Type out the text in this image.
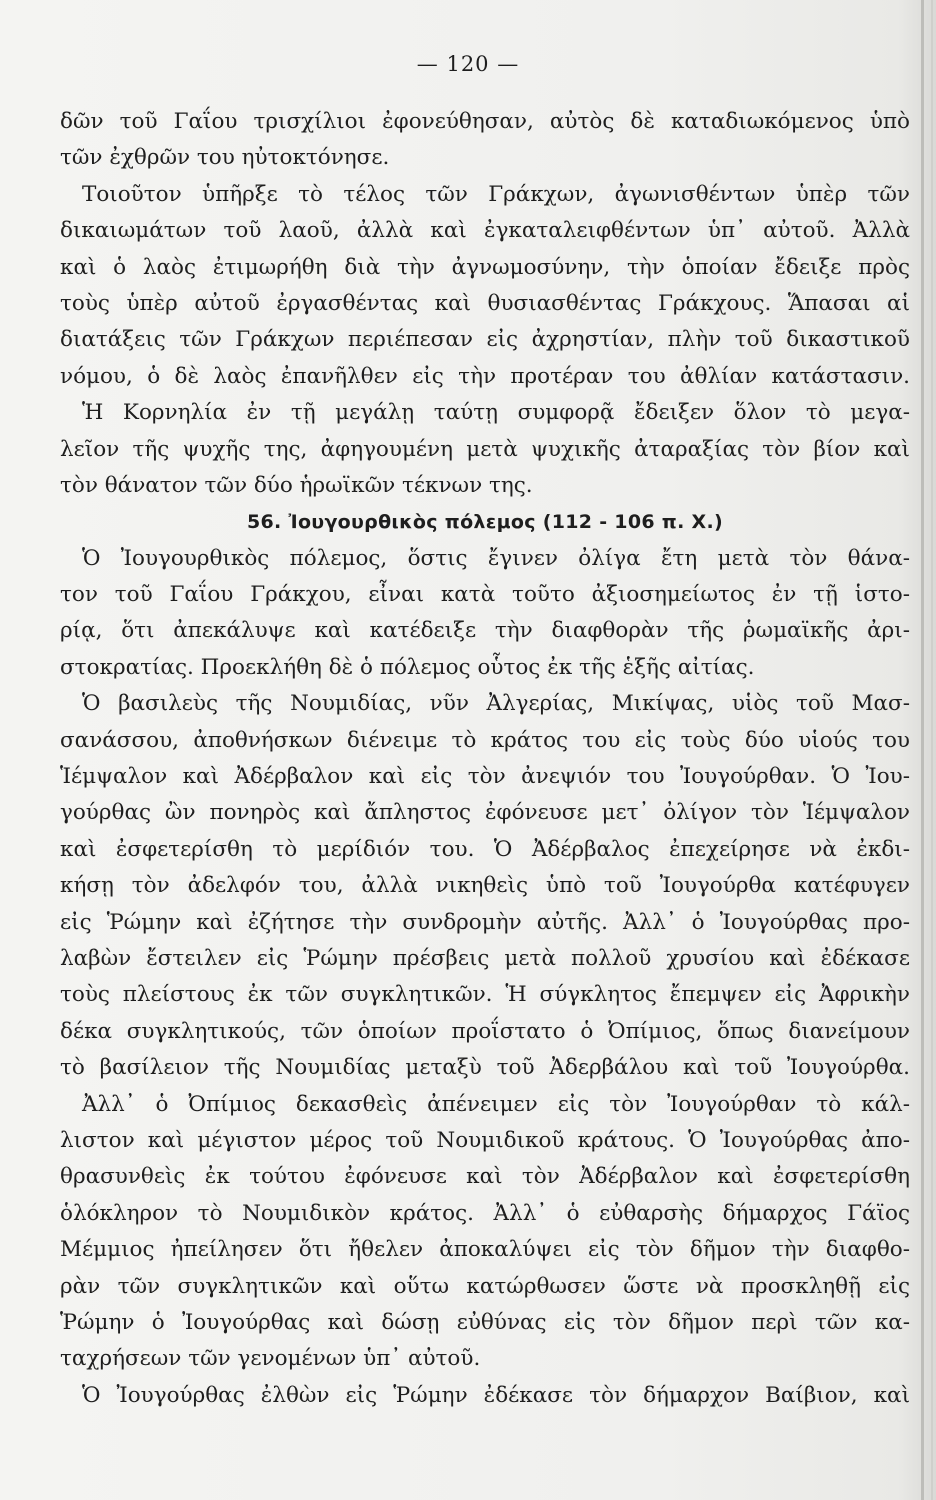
— 120 —
δῶν τοῦ Γαΐου τρισχίλιοι ἐφονεύθησαν, αὐτὸς δὲ καταδιωκόμενος ὑπὸ
τῶν ἐχθρῶν του ηὐτοκτόνησε.
Τοιοῦτον ὑπῆρξε τὸ τέλος τῶν Γράκχων, ἀγωνισθέντων ὑπὲρ τῶν
δικαιωμάτων τοῦ λαοῦ, ἀλλὰ καὶ ἐγκαταλειφθέντων ὑπ᾿ αὐτοῦ. Ἀλλὰ
καὶ ὁ λαὸς ἐτιμωρήθη διὰ τὴν ἀγνωμοσύνην, τὴν ὁποίαν ἔδειξε πρὸς
τοὺς ὑπὲρ αὐτοῦ ἐργασθέντας καὶ θυσιασθέντας Γράκχους. Ἅπασαι αἱ
διατάξεις τῶν Γράκχων περιέπεσαν εἰς ἀχρηστίαν, πλὴν τοῦ δικαστικοῦ
νόμου, ὁ δὲ λαὸς ἐπανῆλθεν εἰς τὴν προτέραν του ἀθλίαν κατάστασιν.
Ἡ Κορνηλία ἐν τῇ μεγάλῃ ταύτῃ συμφορᾷ ἔδειξεν ὅλον τὸ μεγα-
λεῖον τῆς ψυχῆς της, ἀφηγουμένη μετὰ ψυχικῆς ἀταραξίας τὸν βίον καὶ
τὸν θάνατον τῶν δύο ἡρωϊκῶν τέκνων της.
56. Ἰουγουρθικὸς πόλεμος (112 - 106 π. Χ.)
Ὁ Ἰουγουρθικὸς πόλεμος, ὅστις ἔγινεν ὀλίγα ἔτη μετὰ τὸν θάνα-
τον τοῦ Γαΐου Γράκχου, εἶναι κατὰ τοῦτο ἀξιοσημείωτος ἐν τῇ ἱστο-
ρίᾳ, ὅτι ἀπεκάλυψε καὶ κατέδειξε τὴν διαφθορὰν τῆς ῥωμαϊκῆς ἀρι-
στοκρατίας. Προεκλήθη δὲ ὁ πόλεμος οὗτος ἐκ τῆς ἑξῆς αἰτίας.
Ὁ βασιλεὺς τῆς Νουμιδίας, νῦν Ἀλγερίας, Μικίψας, υἱὸς τοῦ Μασ-
σανάσσου, ἀποθνήσκων διένειμε τὸ κράτος του εἰς τοὺς δύο υἱούς του
Ἱέμψαλον καὶ Ἀδέρβαλον καὶ εἰς τὸν ἀνεψιόν του Ἰουγούρθαν. Ὁ Ἰου-
γούρθας ὢν πονηρὸς καὶ ἄπληστος ἐφόνευσε μετ᾿ ὀλίγον τὸν Ἱέμψαλον
καὶ ἐσφετερίσθη τὸ μερίδιόν του. Ὁ Ἀδέρβαλος ἐπεχείρησε νὰ ἐκδι-
κήσῃ τὸν ἀδελφόν του, ἀλλὰ νικηθεὶς ὑπὸ τοῦ Ἰουγούρθα κατέφυγεν
εἰς Ῥώμην καὶ ἐζήτησε τὴν συνδρομὴν αὐτῆς. Ἀλλ᾿ ὁ Ἰουγούρθας προ-
λαβὼν ἔστειλεν εἰς Ῥώμην πρέσβεις μετὰ πολλοῦ χρυσίου καὶ ἐδέκασε
τοὺς πλείστους ἐκ τῶν συγκλητικῶν. Ἡ σύγκλητος ἔπεμψεν εἰς Ἀφρικὴν
δέκα συγκλητικούς, τῶν ὁποίων προΐστατο ὁ Ὀπίμιος, ὅπως διανείμουν
τὸ βασίλειον τῆς Νουμιδίας μεταξὺ τοῦ Ἀδερβάλου καὶ τοῦ Ἰουγούρθα.
Ἀλλ᾿ ὁ Ὀπίμιος δεκασθεὶς ἀπένειμεν εἰς τὸν Ἰουγούρθαν τὸ κάλ-
λιστον καὶ μέγιστον μέρος τοῦ Νουμιδικοῦ κράτους. Ὁ Ἰουγούρθας ἀπο-
θρασυνθεὶς ἐκ τούτου ἐφόνευσε καὶ τὸν Ἀδέρβαλον καὶ ἐσφετερίσθη
ὁλόκληρον τὸ Νουμιδικὸν κράτος. Ἀλλ᾿ ὁ εὐθαρσὴς δήμαρχος Γάϊος
Μέμμιος ἠπείλησεν ὅτι ἤθελεν ἀποκαλύψει εἰς τὸν δῆμον τὴν διαφθο-
ρὰν τῶν συγκλητικῶν καὶ οὕτω κατώρθωσεν ὥστε νὰ προσκληθῇ εἰς
Ῥώμην ὁ Ἰουγούρθας καὶ δώσῃ εὐθύνας εἰς τὸν δῆμον περὶ τῶν κα-
ταχρήσεων τῶν γενομένων ὑπ᾿ αὐτοῦ.
Ὁ Ἰουγούρθας ἐλθὼν εἰς Ῥώμην ἐδέκασε τὸν δήμαρχον Βαίβιον, καὶ
